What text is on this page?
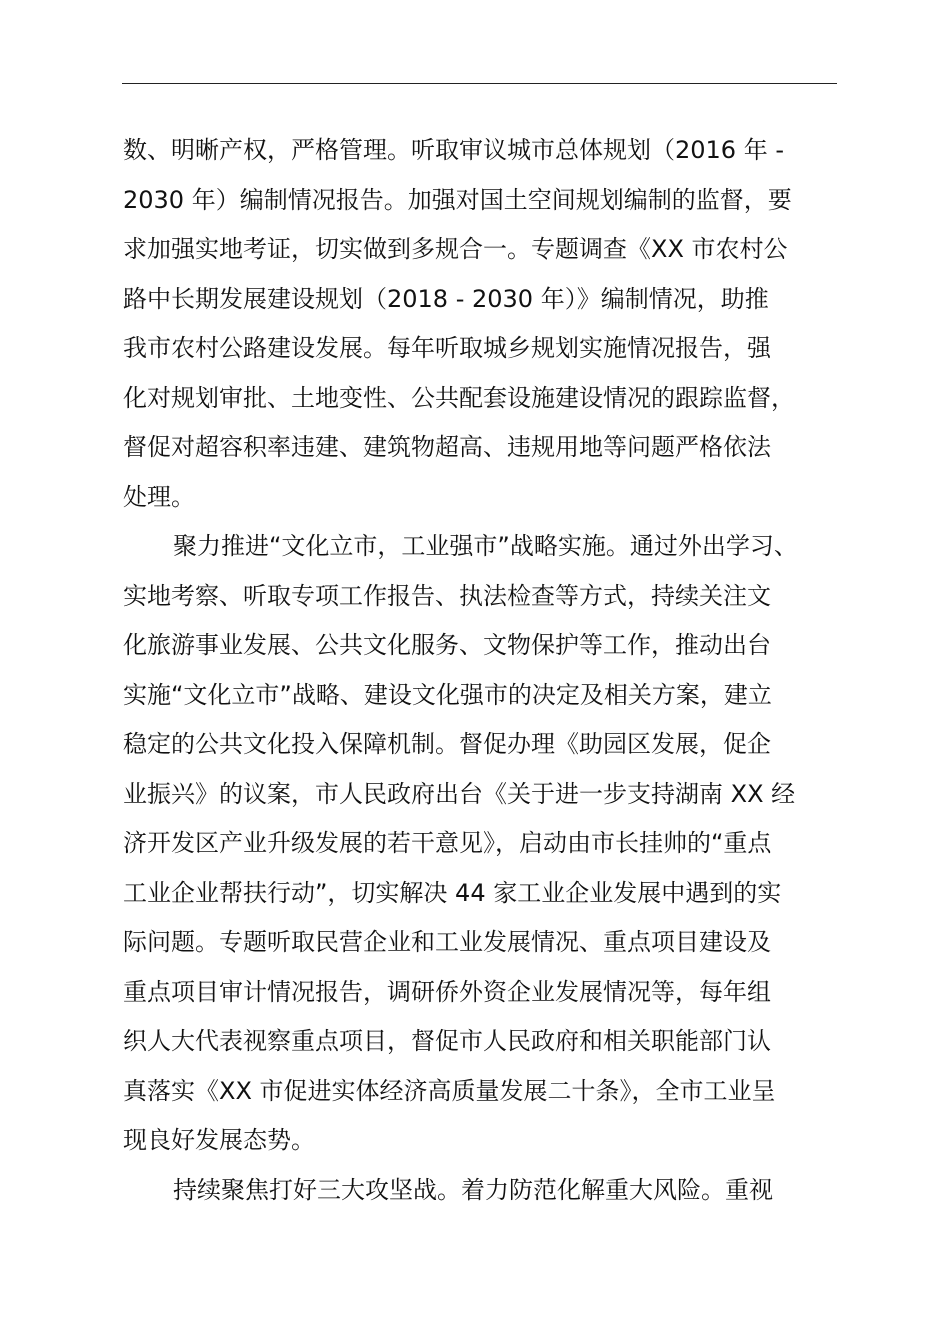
数、明晰产权，严格管理。听取审议城市总体规划（2016 年 -
2030 年）编制情况报告。加强对国土空间规划编制的监督，要
求加强实地考证，切实做到多规合一。专题调查《XX 市农村公
路中长期发展建设规划（2018 - 2030 年）》编制情况，助推
我市农村公路建设发展。每年听取城乡规划实施情况报告，强
化对规划审批、土地变性、公共配套设施建设情况的跟踪监督，
督促对超容积率违建、建筑物超高、违规用地等问题严格依法
处理。
聚力推进“文化立市，工业强市”战略实施。通过外出学习、
实地考察、听取专项工作报告、执法检查等方式，持续关注文
化旅游事业发展、公共文化服务、文物保护等工作，推动出台
实施“文化立市”战略、建设文化强市的决定及相关方案，建立
稳定的公共文化投入保障机制。督促办理《助园区发展，促企
业振兴》的议案，市人民政府出台《关于进一步支持湖南 XX 经
济开发区产业升级发展的若干意见》，启动由市长挂帅的“重点
工业企业帮扶行动”，切实解决 44 家工业企业发展中遇到的实
际问题。专题听取民营企业和工业发展情况、重点项目建设及
重点项目审计情况报告，调研侨外资企业发展情况等，每年组
织人大代表视察重点项目，督促市人民政府和相关职能部门认
真落实《XX 市促进实体经济高质量发展二十条》，全市工业呈
现良好发展态势。
持续聚焦打好三大攻坚战。着力防范化解重大风险。重视
